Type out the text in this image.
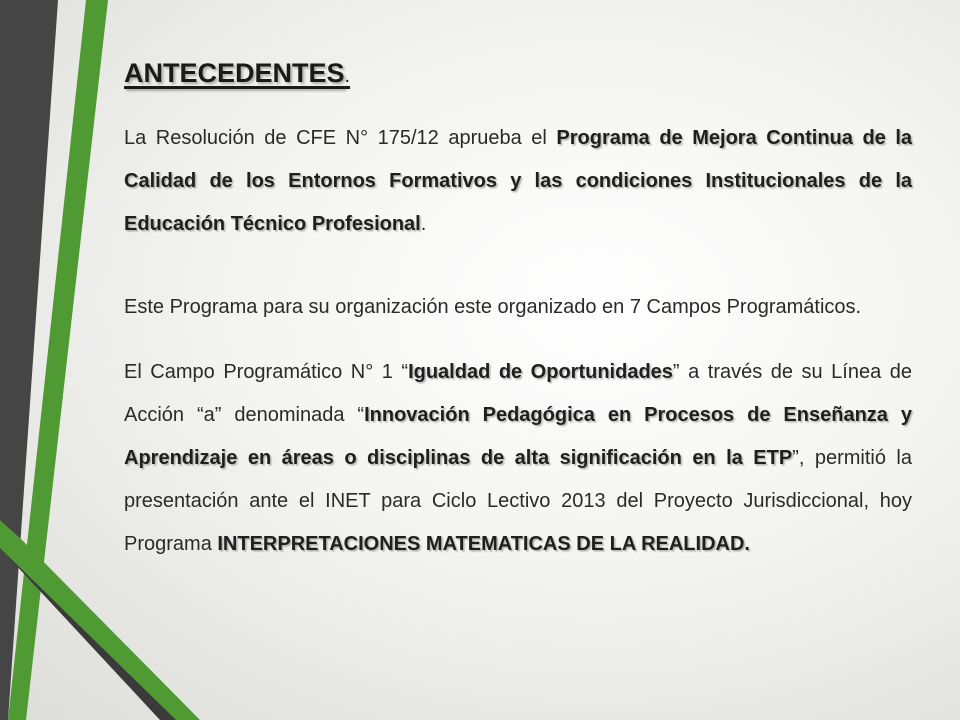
ANTECEDENTES.

La Resolución de CFE N° 175/12 aprueba el Programa de Mejora Continua de la Calidad de los Entornos Formativos y las condiciones Institucionales de la Educación Técnico Profesional.

Este Programa para su organización este organizado en 7 Campos Programáticos.

El Campo Programático N° 1 “Igualdad de Oportunidades” a través de su Línea de Acción “a” denominada “Innovación Pedagógica en Procesos de Enseñanza y Aprendizaje en áreas o disciplinas de alta significación en la ETP”, permitió la presentación ante el INET para Ciclo Lectivo 2013 del Proyecto Jurisdiccional, hoy Programa INTERPRETACIONES MATEMATICAS DE LA REALIDAD.
